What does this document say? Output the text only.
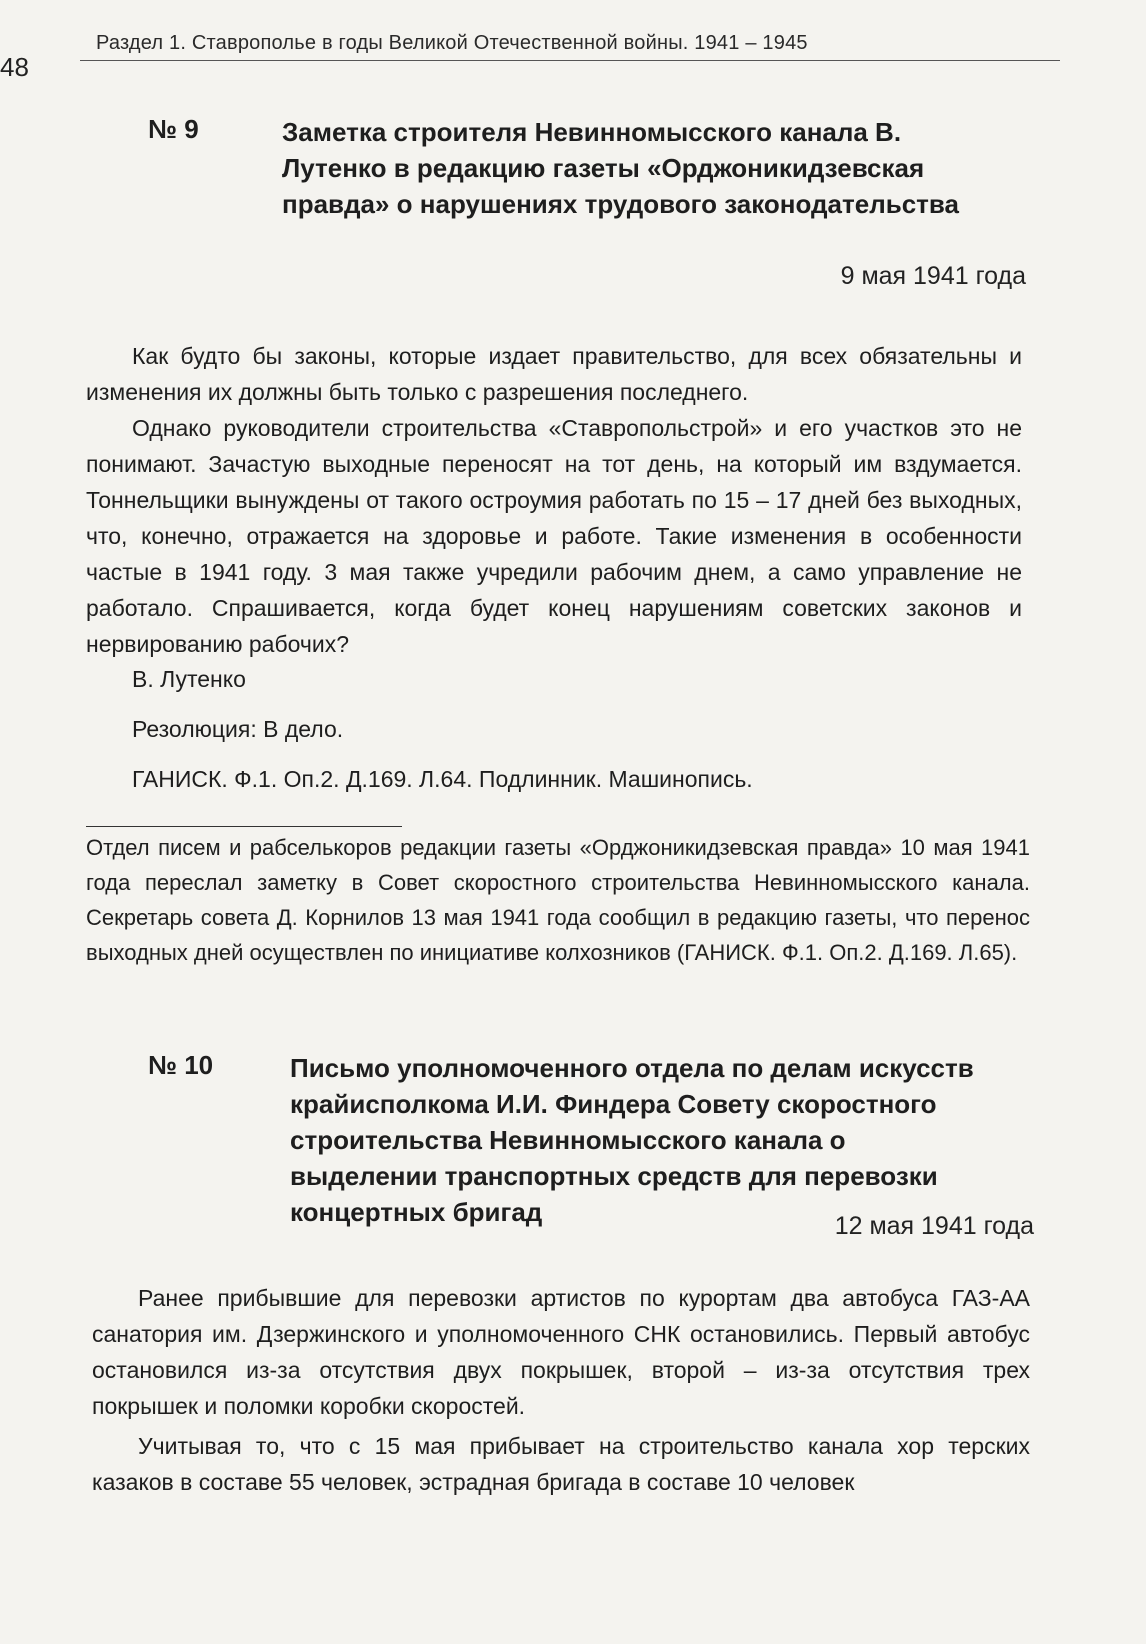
48
Раздел 1. Ставрополье в годы Великой Отечественной войны. 1941 – 1945
№ 9	Заметка строителя Невинномысского канала В. Лутенко в редакцию газеты «Орджоникидзевская правда» о нарушениях трудового законодательства
9 мая 1941 года

Как будто бы законы, которые издает правительство, для всех обязательны и изменения их должны быть только с разрешения последнего.

Однако руководители строительства «Ставропольстрой» и его участков это не понимают. Зачастую выходные переносят на тот день, на который им вздумается. Тоннельщики вынуждены от такого остроумия работать по 15 – 17 дней без выходных, что, конечно, отражается на здоровье и работе. Такие изменения в особенности частые в 1941 году. 3 мая также учредили рабочим днем, а само управление не работало. Спрашивается, когда будет конец нарушениям советских законов и нервированию рабочих?

В. Лутенко
Резолюция: В дело.
ГАНИСК. Ф.1. Оп.2. Д.169. Л.64. Подлинник. Машинопись.
Отдел писем и рабселькоров редакции газеты «Орджоникидзевская правда» 10 мая 1941 года переслал заметку в Совет скоростного строительства Невинномысского канала. Секретарь совета Д. Корнилов 13 мая 1941 года сообщил в редакцию газеты, что перенос выходных дней осуществлен по инициативе колхозников (ГАНИСК. Ф.1. Оп.2. Д.169. Л.65).
№ 10	Письмо уполномоченного отдела по делам искусств крайисполкома И.И. Финдера Совету скоростного строительства Невинномысского канала о выделении транспортных средств для перевозки концертных бригад	12 мая 1941 года

Ранее прибывшие для перевозки артистов по курортам два автобуса ГАЗ-АА санатория им. Дзержинского и уполномоченного СНК остановились. Первый автобус остановился из-за отсутствия двух покрышек, второй – из-за отсутствия трех покрышек и поломки коробки скоростей.

Учитывая то, что с 15 мая прибывает на строительство канала хор терских казаков в составе 55 человек, эстрадная бригада в составе 10 человек
